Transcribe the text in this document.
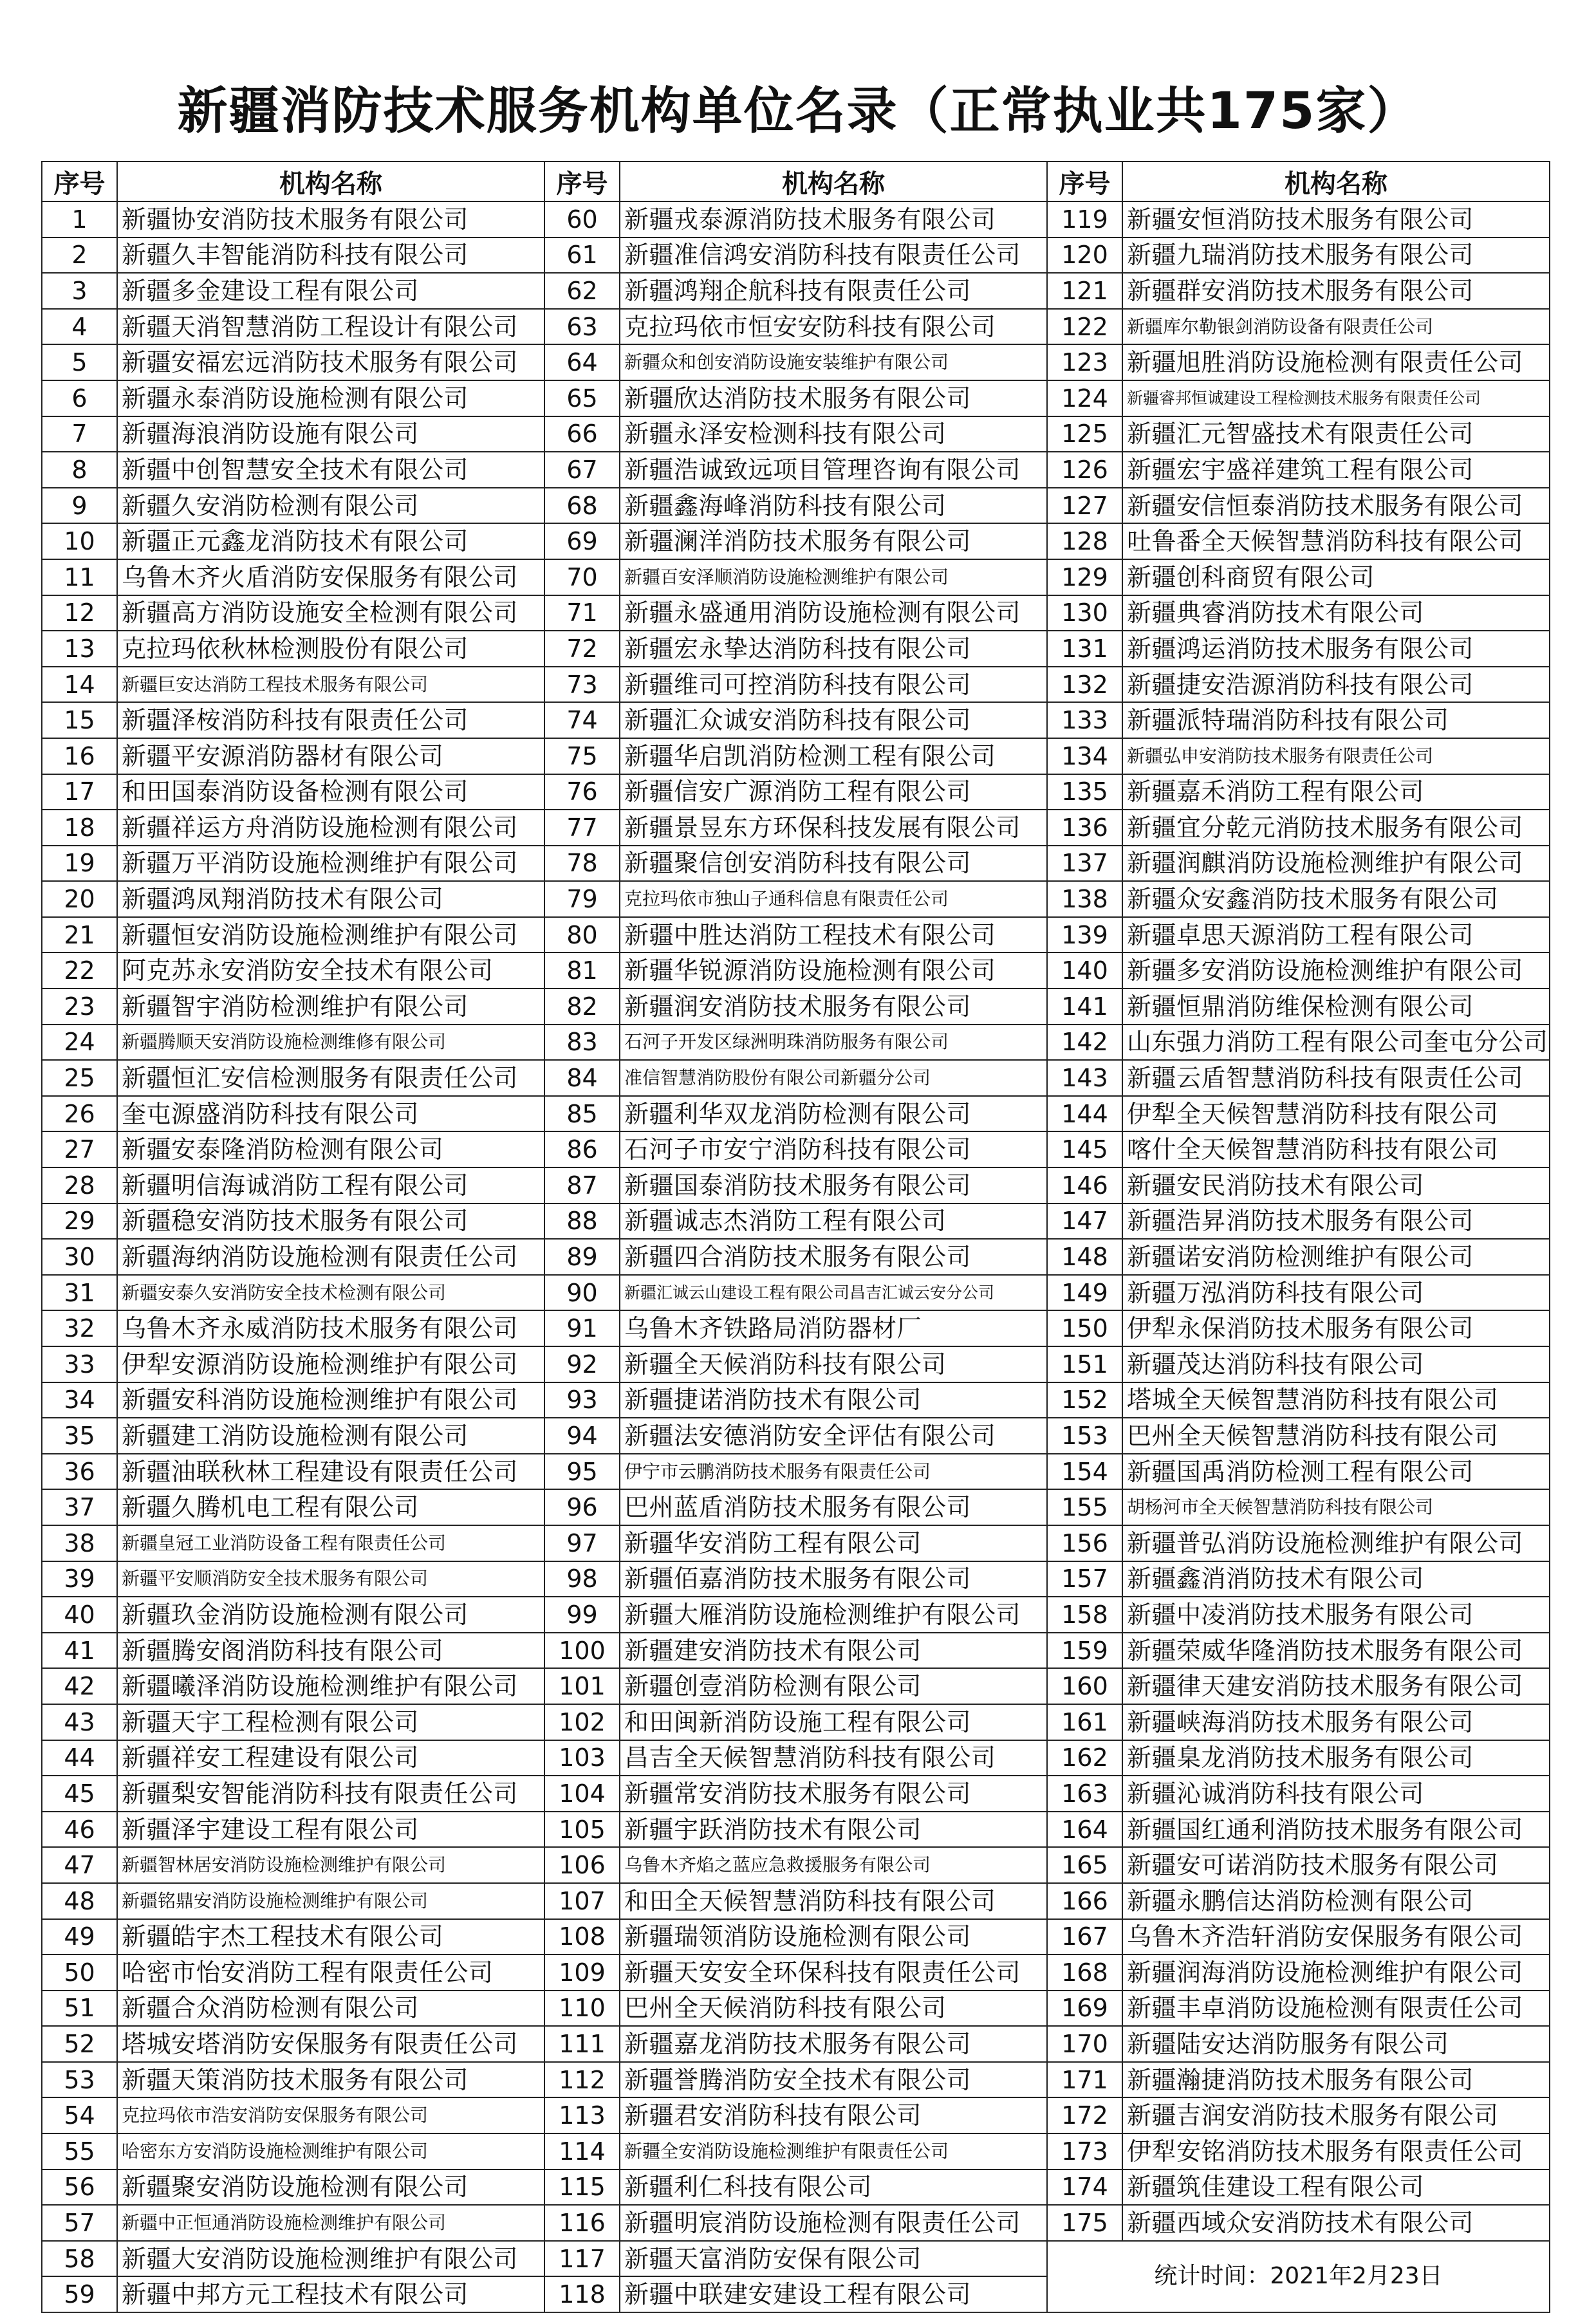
新疆消防技术服务机构单位名录（正常执业共175家）
序号	机构名称	序号	机构名称	序号	机构名称
1	新疆协安消防技术服务有限公司	60	新疆戎泰源消防技术服务有限公司	119	新疆安恒消防技术服务有限公司
2	新疆久丰智能消防科技有限公司	61	新疆准信鸿安消防科技有限责任公司	120	新疆九瑞消防技术服务有限公司
3	新疆多金建设工程有限公司	62	新疆鸿翔企航科技有限责任公司	121	新疆群安消防技术服务有限公司
4	新疆天消智慧消防工程设计有限公司	63	克拉玛依市恒安安防科技有限公司	122	新疆库尔勒银剑消防设备有限责任公司
5	新疆安福宏远消防技术服务有限公司	64	新疆众和创安消防设施安装维护有限公司	123	新疆旭胜消防设施检测有限责任公司
6	新疆永泰消防设施检测有限公司	65	新疆欣达消防技术服务有限公司	124	新疆睿邦恒诚建设工程检测技术服务有限责任公司
7	新疆海浪消防设施有限公司	66	新疆永泽安检测科技有限公司	125	新疆汇元智盛技术有限责任公司
8	新疆中创智慧安全技术有限公司	67	新疆浩诚致远项目管理咨询有限公司	126	新疆宏宇盛祥建筑工程有限公司
9	新疆久安消防检测有限公司	68	新疆鑫海峰消防科技有限公司	127	新疆安信恒泰消防技术服务有限公司
10	新疆正元鑫龙消防技术有限公司	69	新疆澜洋消防技术服务有限公司	128	吐鲁番全天候智慧消防科技有限公司
11	乌鲁木齐火盾消防安保服务有限公司	70	新疆百安泽顺消防设施检测维护有限公司	129	新疆创科商贸有限公司
12	新疆高方消防设施安全检测有限公司	71	新疆永盛通用消防设施检测有限公司	130	新疆典睿消防技术有限公司
13	克拉玛依秋林检测股份有限公司	72	新疆宏永挚达消防科技有限公司	131	新疆鸿运消防技术服务有限公司
14	新疆巨安达消防工程技术服务有限公司	73	新疆维司可控消防科技有限公司	132	新疆捷安浩源消防科技有限公司
15	新疆泽桉消防科技有限责任公司	74	新疆汇众诚安消防科技有限公司	133	新疆派特瑞消防科技有限公司
16	新疆平安源消防器材有限公司	75	新疆华启凯消防检测工程有限公司	134	新疆弘申安消防技术服务有限责任公司
17	和田国泰消防设备检测有限公司	76	新疆信安广源消防工程有限公司	135	新疆嘉禾消防工程有限公司
18	新疆祥运方舟消防设施检测有限公司	77	新疆景昱东方环保科技发展有限公司	136	新疆宜分乾元消防技术服务有限公司
19	新疆万平消防设施检测维护有限公司	78	新疆聚信创安消防科技有限公司	137	新疆润麒消防设施检测维护有限公司
20	新疆鸿凤翔消防技术有限公司	79	克拉玛依市独山子通科信息有限责任公司	138	新疆众安鑫消防技术服务有限公司
21	新疆恒安消防设施检测维护有限公司	80	新疆中胜达消防工程技术有限公司	139	新疆卓思天源消防工程有限公司
22	阿克苏永安消防安全技术有限公司	81	新疆华锐源消防设施检测有限公司	140	新疆多安消防设施检测维护有限公司
23	新疆智宇消防检测维护有限公司	82	新疆润安消防技术服务有限公司	141	新疆恒鼎消防维保检测有限公司
24	新疆腾顺天安消防设施检测维修有限公司	83	石河子开发区绿洲明珠消防服务有限公司	142	山东强力消防工程有限公司奎屯分公司
25	新疆恒汇安信检测服务有限责任公司	84	准信智慧消防股份有限公司新疆分公司	143	新疆云盾智慧消防科技有限责任公司
26	奎屯源盛消防科技有限公司	85	新疆利华双龙消防检测有限公司	144	伊犁全天候智慧消防科技有限公司
27	新疆安泰隆消防检测有限公司	86	石河子市安宁消防科技有限公司	145	喀什全天候智慧消防科技有限公司
28	新疆明信海诚消防工程有限公司	87	新疆国泰消防技术服务有限公司	146	新疆安民消防技术有限公司
29	新疆稳安消防技术服务有限公司	88	新疆诚志杰消防工程有限公司	147	新疆浩昇消防技术服务有限公司
30	新疆海纳消防设施检测有限责任公司	89	新疆四合消防技术服务有限公司	148	新疆诺安消防检测维护有限公司
31	新疆安泰久安消防安全技术检测有限公司	90	新疆汇诚云山建设工程有限公司昌吉汇诚云安分公司	149	新疆万泓消防科技有限公司
32	乌鲁木齐永威消防技术服务有限公司	91	乌鲁木齐铁路局消防器材厂	150	伊犁永保消防技术服务有限公司
33	伊犁安源消防设施检测维护有限公司	92	新疆全天候消防科技有限公司	151	新疆茂达消防科技有限公司
34	新疆安科消防设施检测维护有限公司	93	新疆捷诺消防技术有限公司	152	塔城全天候智慧消防科技有限公司
35	新疆建工消防设施检测有限公司	94	新疆法安德消防安全评估有限公司	153	巴州全天候智慧消防科技有限公司
36	新疆油联秋林工程建设有限责任公司	95	伊宁市云鹏消防技术服务有限责任公司	154	新疆国禹消防检测工程有限公司
37	新疆久腾机电工程有限公司	96	巴州蓝盾消防技术服务有限公司	155	胡杨河市全天候智慧消防科技有限公司
38	新疆皇冠工业消防设备工程有限责任公司	97	新疆华安消防工程有限公司	156	新疆普弘消防设施检测维护有限公司
39	新疆平安顺消防安全技术服务有限公司	98	新疆佰嘉消防技术服务有限公司	157	新疆鑫消消防技术有限公司
40	新疆玖金消防设施检测有限公司	99	新疆大雁消防设施检测维护有限公司	158	新疆中凌消防技术服务有限公司
41	新疆腾安阁消防科技有限公司	100	新疆建安消防技术有限公司	159	新疆荣威华隆消防技术服务有限公司
42	新疆曦泽消防设施检测维护有限公司	101	新疆创壹消防检测有限公司	160	新疆律天建安消防技术服务有限公司
43	新疆天宇工程检测有限公司	102	和田闽新消防设施工程有限公司	161	新疆峡海消防技术服务有限公司
44	新疆祥安工程建设有限公司	103	昌吉全天候智慧消防科技有限公司	162	新疆臬龙消防技术服务有限公司
45	新疆梨安智能消防科技有限责任公司	104	新疆常安消防技术服务有限公司	163	新疆沁诚消防科技有限公司
46	新疆泽宇建设工程有限公司	105	新疆宇跃消防技术有限公司	164	新疆国红通利消防技术服务有限公司
47	新疆智林居安消防设施检测维护有限公司	106	乌鲁木齐焰之蓝应急救援服务有限公司	165	新疆安可诺消防技术服务有限公司
48	新疆铭鼎安消防设施检测维护有限公司	107	和田全天候智慧消防科技有限公司	166	新疆永鹏信达消防检测有限公司
49	新疆皓宇杰工程技术有限公司	108	新疆瑞领消防设施检测有限公司	167	乌鲁木齐浩轩消防安保服务有限公司
50	哈密市怡安消防工程有限责任公司	109	新疆天安安全环保科技有限责任公司	168	新疆润海消防设施检测维护有限公司
51	新疆合众消防检测有限公司	110	巴州全天候消防科技有限公司	169	新疆丰卓消防设施检测有限责任公司
52	塔城安塔消防安保服务有限责任公司	111	新疆嘉龙消防技术服务有限公司	170	新疆陆安达消防服务有限公司
53	新疆天策消防技术服务有限公司	112	新疆誉腾消防安全技术有限公司	171	新疆瀚捷消防技术服务有限公司
54	克拉玛依市浩安消防安保服务有限公司	113	新疆君安消防科技有限公司	172	新疆吉润安消防技术服务有限公司
55	哈密东方安消防设施检测维护有限公司	114	新疆全安消防设施检测维护有限责任公司	173	伊犁安铭消防技术服务有限责任公司
56	新疆聚安消防设施检测有限公司	115	新疆利仁科技有限公司	174	新疆筑佳建设工程有限公司
57	新疆中正恒通消防设施检测维护有限公司	116	新疆明宸消防设施检测有限责任公司	175	新疆西域众安消防技术有限公司
58	新疆大安消防设施检测维护有限公司	117	新疆天富消防安保有限公司	统计时间：2021年2月23日	
59	新疆中邦方元工程技术有限公司	118	新疆中联建安建设工程有限公司		
